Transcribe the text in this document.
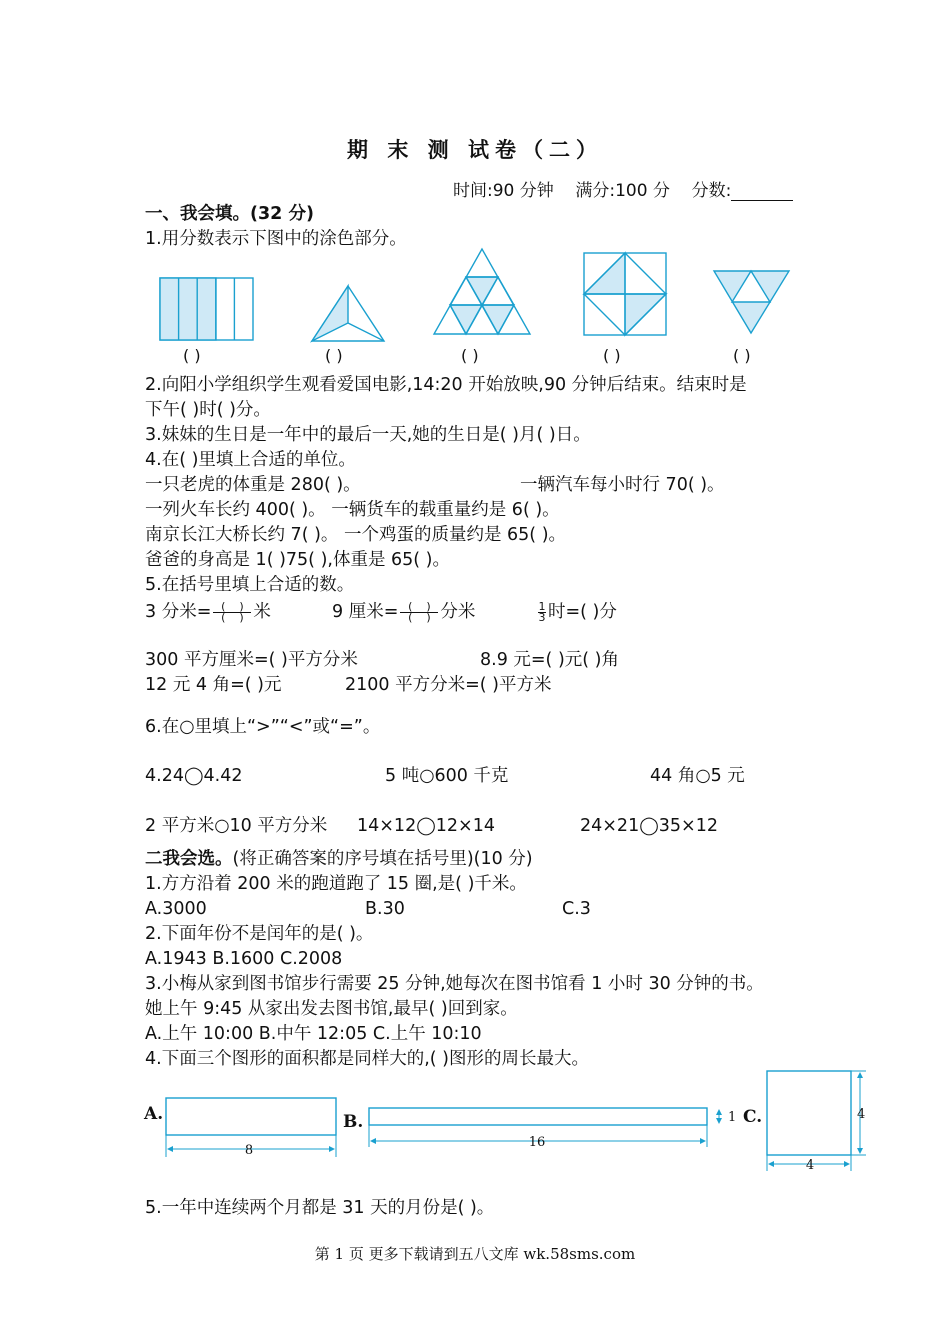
期 末 测 试卷（二）
时间:90 分钟 满分:100 分 分数:
一、我会填。(32 分)
1.用分数表示下图中的涂色部分。
( )	( )	( )	( )	( )
2.向阳小学组织学生观看爱国电影,14:20 开始放映,90 分钟后结束。结束时是
下午( )时( )分。
3.妹妹的生日是一年中的最后一天,她的生日是( )月( )日。
4.在( )里填上合适的单位。
一只老虎的体重是 280( )。	一辆汽车每小时行 70( )。
一列火车长约 400( )。 一辆货车的载重量约是 6( )。
南京长江大桥长约 7( )。 一个鸡蛋的质量约是 65( )。
爸爸的身高是 1( )75( ),体重是 65( )。
5.在括号里填上合适的数。
3 分米= $\frac{( )}{( )}$ 米	9 厘米= $\frac{( )}{( )}$ 分米	$\frac{1}{3}$ 时=( )分
300 平方厘米=( )平方分米	8.9 元=( )元( )角
12 元 4 角=( )元	2100 平方分米=( )平方米
6.在○里填上“>”“<”或“=”。
4.24◯4.42	5 吨○600 千克	44 角○5 元
2 平方米○10 平方分米 14×12◯12×14	24×21◯35×12
二我会选。(将正确答案的序号填在括号里)(10 分)
1.方方沿着 200 米的跑道跑了 15 圈,是( )千米。
A.3000	B.30	C.3
2.下面年份不是闰年的是( )。
A.1943 B.1600 C.2008
3.小梅从家到图书馆步行需要 25 分钟,她每次在图书馆看 1 小时 30 分钟的书。
她上午 9:45 从家出发去图书馆,最早( )回到家。
A.上午 10:00 B.中午 12:05 C.上午 10:10
4.下面三个图形的面积都是同样大的,( )图形的周长最大。
A.
8
B.
16
1 C.	4
4
5.一年中连续两个月都是 31 天的月份是( )。
第 1 页 更多下载请到五八文库 wk.58sms.com
